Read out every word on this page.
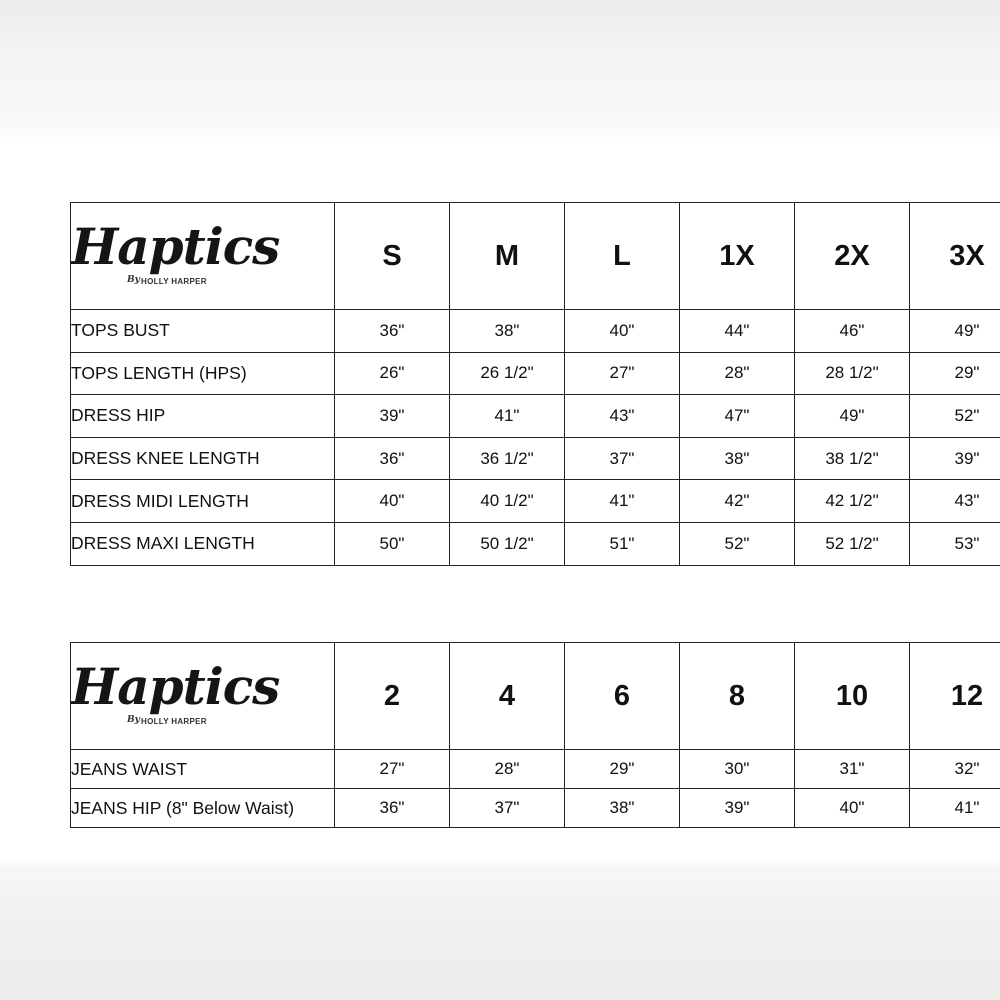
Haptics
By HOLLY HARPER	S	M	L	1X	2X	3X
TOPS BUST	36"	38"	40"	44"	46"	49"
TOPS LENGTH (HPS)	26"	26 1/2"	27"	28"	28 1/2"	29"
DRESS HIP	39"	41"	43"	47"	49"	52"
DRESS KNEE LENGTH	36"	36 1/2"	37"	38"	38 1/2"	39"
DRESS MIDI LENGTH	40"	40 1/2"	41"	42"	42 1/2"	43"
DRESS MAXI LENGTH	50"	50 1/2"	51"	52"	52 1/2"	53"
Haptics
By HOLLY HARPER	2	4	6	8	10	12
JEANS WAIST	27"	28"	29"	30"	31"	32"
JEANS HIP (8" Below Waist)	36"	37"	38"	39"	40"	41"
